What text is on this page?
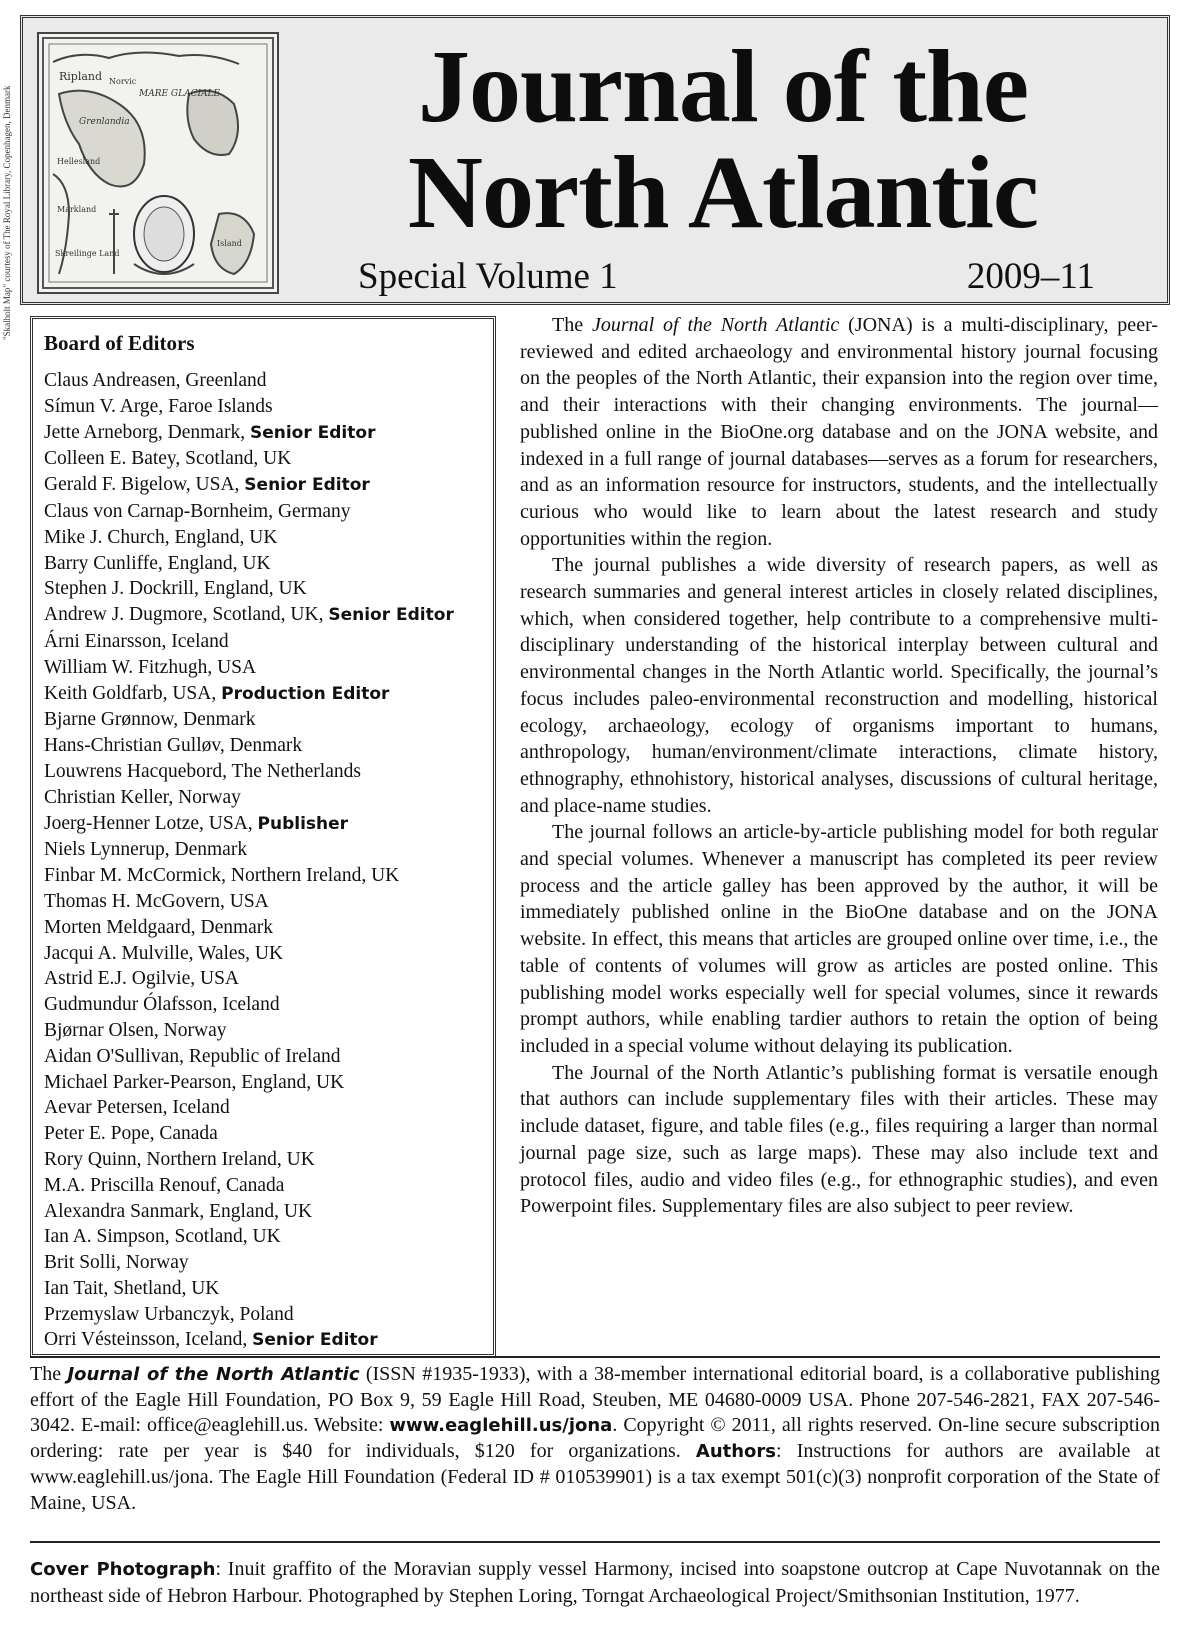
"Skalholt Map" courtesy of The Royal Library, Copenhagen, Denmark
Ripland Norvic
MARE GLACIALE
Hellesland
Markland
Skreilinge Land
Grenlandia
Island
Journal of the
North Atlantic
Special Volume 1	2009–11
Board of Editors
Claus Andreasen, Greenland
Símun V. Arge, Faroe Islands
Jette Arneborg, Denmark, Senior Editor
Colleen E. Batey, Scotland, UK
Gerald F. Bigelow, USA, Senior Editor
Claus von Carnap-Bornheim, Germany
Mike J. Church, England, UK
Barry Cunliffe, England, UK
Stephen J. Dockrill, England, UK
Andrew J. Dugmore, Scotland, UK, Senior Editor
Árni Einarsson, Iceland
William W. Fitzhugh, USA
Keith Goldfarb, USA, Production Editor
Bjarne Grønnow, Denmark
Hans-Christian Gulløv, Denmark
Louwrens Hacquebord, The Netherlands
Christian Keller, Norway
Joerg-Henner Lotze, USA, Publisher
Niels Lynnerup, Denmark
Finbar M. McCormick, Northern Ireland, UK
Thomas H. McGovern, USA
Morten Meldgaard, Denmark
Jacqui A. Mulville, Wales, UK
Astrid E.J. Ogilvie, USA
Gudmundur Ólafsson, Iceland
Bjørnar Olsen, Norway
Aidan O'Sullivan, Republic of Ireland
Michael Parker-Pearson, England, UK
Aevar Petersen, Iceland
Peter E. Pope, Canada
Rory Quinn, Northern Ireland, UK
M.A. Priscilla Renouf, Canada
Alexandra Sanmark, England, UK
Ian A. Simpson, Scotland, UK
Brit Solli, Norway
Ian Tait, Shetland, UK
Przemyslaw Urbanczyk, Poland
Orri Vésteinsson, Iceland, Senior Editor

The Journal of the North Atlantic (JONA) is a multi-disciplinary, peer-reviewed and edited archaeology and environmental history journal focusing on the peoples of the North Atlantic, their expansion into the region over time, and their interactions with their changing environments. The journal—published online in the BioOne.org database and on the JONA website, and indexed in a full range of journal databases—serves as a forum for researchers, and as an information resource for instructors, students, and the intellectually curious who would like to learn about the latest research and study opportunities within the region.

The journal publishes a wide diversity of research papers, as well as research summaries and general interest articles in closely related disciplines, which, when considered together, help contribute to a comprehensive multi-disciplinary understanding of the historical interplay between cultural and environmental changes in the North Atlantic world. Specifically, the journal’s focus includes paleo-environmental reconstruction and modelling, historical ecology, archaeology, ecology of organisms important to humans, anthropology, human/environment/climate interactions, climate history, ethnography, ethnohistory, historical analyses, discussions of cultural heritage, and place-name studies.

The journal follows an article-by-article publishing model for both regular and special volumes. Whenever a manuscript has completed its peer review process and the article galley has been approved by the author, it will be immediately published online in the BioOne database and on the JONA website. In effect, this means that articles are grouped online over time, i.e., the table of contents of volumes will grow as articles are posted online. This publishing model works especially well for special volumes, since it rewards prompt authors, while enabling tardier authors to retain the option of being included in a special volume without delaying its publication.

The Journal of the North Atlantic’s publishing format is versatile enough that authors can include supplementary files with their articles. These may include dataset, figure, and table files (e.g., files requiring a larger than normal journal page size, such as large maps). These may also include text and protocol files, audio and video files (e.g., for ethnographic studies), and even Powerpoint files. Supplementary files are also subject to peer review.

The Journal of the North Atlantic (ISSN #1935-1933), with a 38-member international editorial board, is a collaborative publishing effort of the Eagle Hill Foundation, PO Box 9, 59 Eagle Hill Road, Steuben, ME 04680-0009 USA. Phone 207-546-2821, FAX 207-546-3042. E-mail: office@eaglehill.us. Website: www.eaglehill.us/jona. Copyright © 2011, all rights reserved. On-line secure subscription ordering: rate per year is $40 for individuals, $120 for organizations. Authors: Instructions for authors are available at www.eaglehill.us/jona. The Eagle Hill Foundation (Federal ID # 010539901) is a tax exempt 501(c)(3) nonprofit corporation of the State of Maine, USA.
Cover Photograph: Inuit graffito of the Moravian supply vessel Harmony, incised into soapstone outcrop at Cape Nuvotannak on the northeast side of Hebron Harbour. Photographed by Stephen Loring, Torngat Archaeological Project/Smithsonian Institution, 1977.
